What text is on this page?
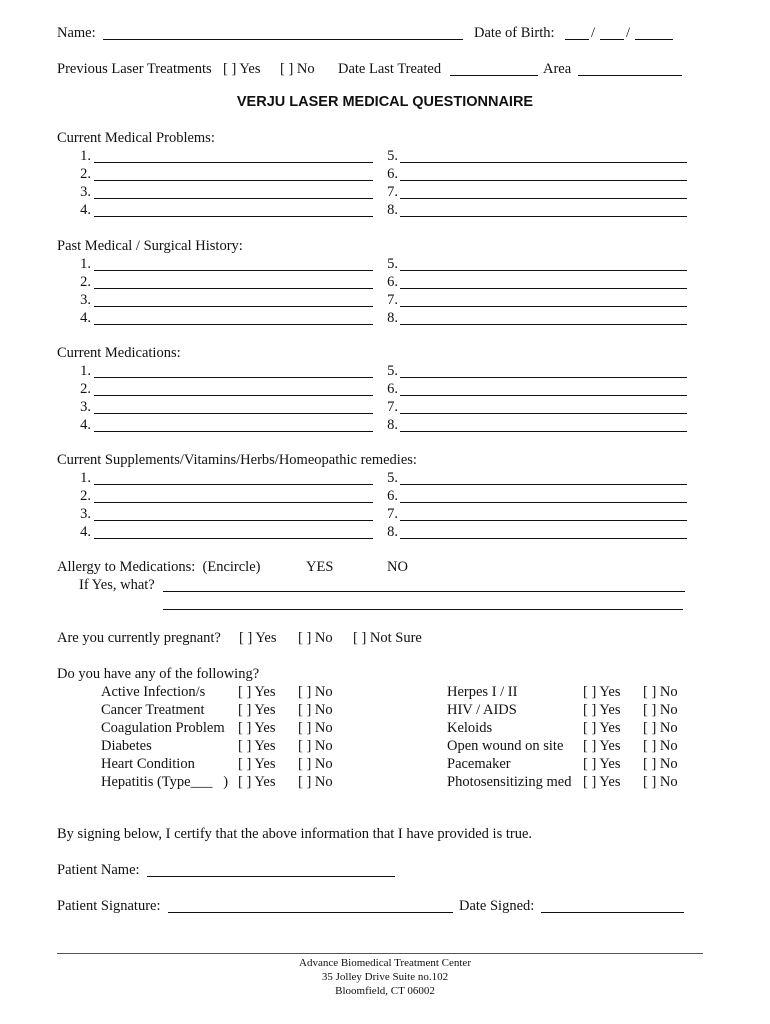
Name:	Date of Birth:	/ /
Previous Laser Treatments [ ] Yes [ ] No Date Last Treated	Area
VERJU LASER MEDICAL QUESTIONNAIRE
Current Medical Problems:
1.
2.
3.
4.
5.
6.
7.
8.
Past Medical / Surgical History:
1.
2.
3.
4.
5.
6.
7.
8.
Current Medications:
1.
2.
3.
4.
5.
6.
7.
8.
Current Supplements/Vitamins/Herbs/Homeopathic remedies:
1.
2.
3.
4.
5.
6.
7.
8.
Allergy to Medications:  (Encircle)	YES	NO
If Yes, what?
Are you currently pregnant? [ ] Yes [ ] No [ ] Not Sure
Do you have any of the following?
Active Infection/s [ ] Yes [ ] No	Herpes I / II	[ ] Yes [ ] No
Cancer Treatment [ ] Yes [ ] No	HIV / AIDS	[ ] Yes [ ] No
Coagulation Problem [ ] Yes [ ] No	Keloids	[ ] Yes [ ] No
Diabetes	[ ] Yes [ ] No	Open wound on site [ ] Yes [ ] No
Heart Condition	[ ] Yes [ ] No	Pacemaker	[ ] Yes [ ] No
Hepatitis (Type___   ) [ ] Yes [ ] No	Photosensitizing med [ ] Yes [ ] No
By signing below, I certify that the above information that I have provided is true.
Patient Name:
Patient Signature:	Date Signed:
Advance Biomedical Treatment Center
35 Jolley Drive Suite no.102
Bloomfield, CT 06002
